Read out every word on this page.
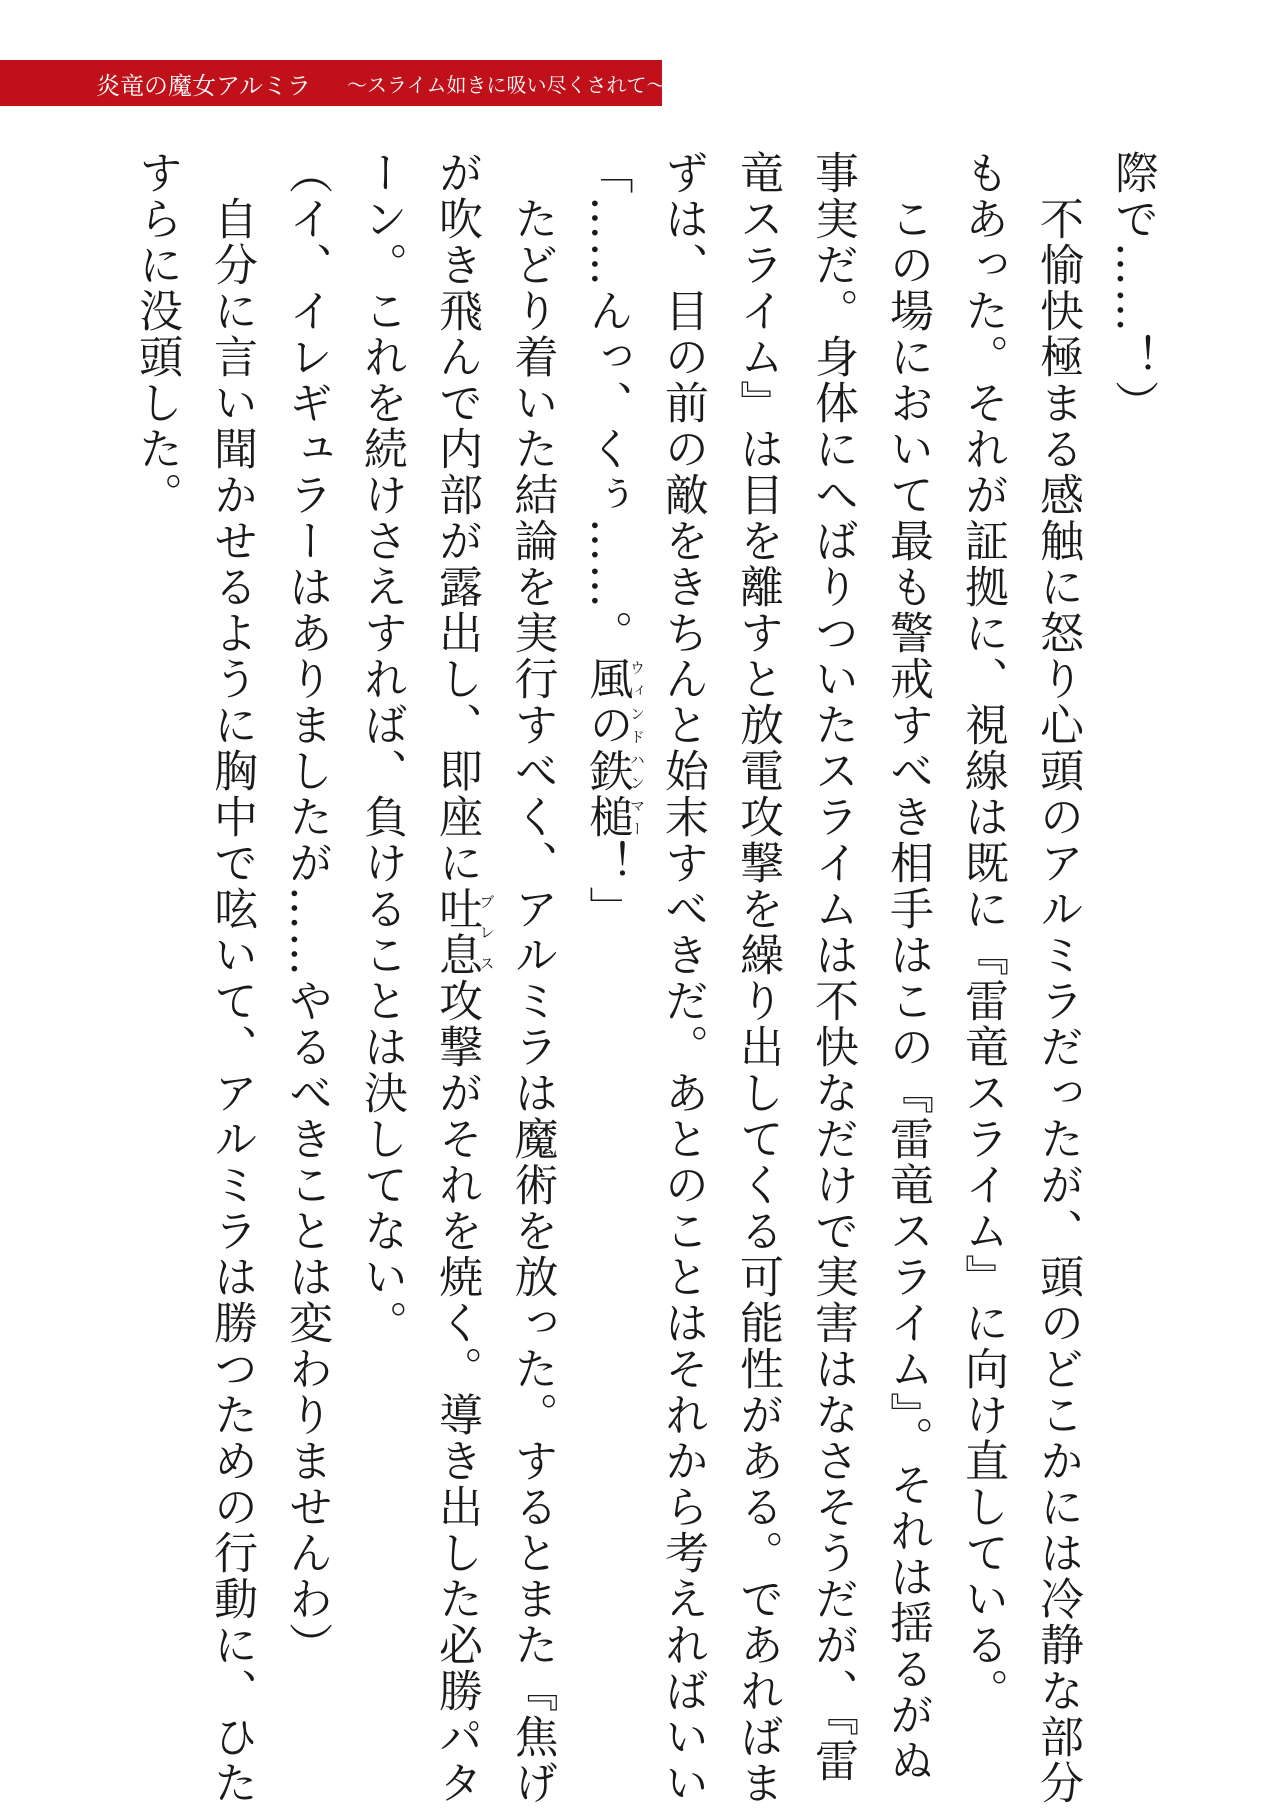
炎竜の魔女アルミラ 〜スライム如きに吸い尽くされて〜
際で……！）
　不愉快極まる感触に怒り心頭のアルミラだったが、頭のどこかには冷静な部分
もあった。それが証拠に、視線は既に『雷竜スライム』に向け直している。
　この場において最も警戒すべき相手はこの『雷竜スライム』。それは揺るがぬ
事実だ。身体にへばりついたスライムは不快なだけで実害はなさそうだが、『雷
竜スライム』は目を離すと放電攻撃を繰り出してくる可能性がある。であればま
ずは、目の前の敵をきちんと始末すべきだ。あとのことはそれから考えればいい
「……んっ、くぅ……。風の鉄槌ウィンドハンマー！」
　たどり着いた結論を実行すべく、アルミラは魔術を放った。するとまた『焦げ
が吹き飛んで内部が露出し、即座に吐息ブレス攻撃がそれを焼く。導き出した必勝パタ
ーン。これを続けさえすれば、負けることは決してない。
（イ、イレギュラーはありましたが……やるべきことは変わりませんわ）
　自分に言い聞かせるように胸中で呟いて、アルミラは勝つための行動に、ひた
すらに没頭した。
